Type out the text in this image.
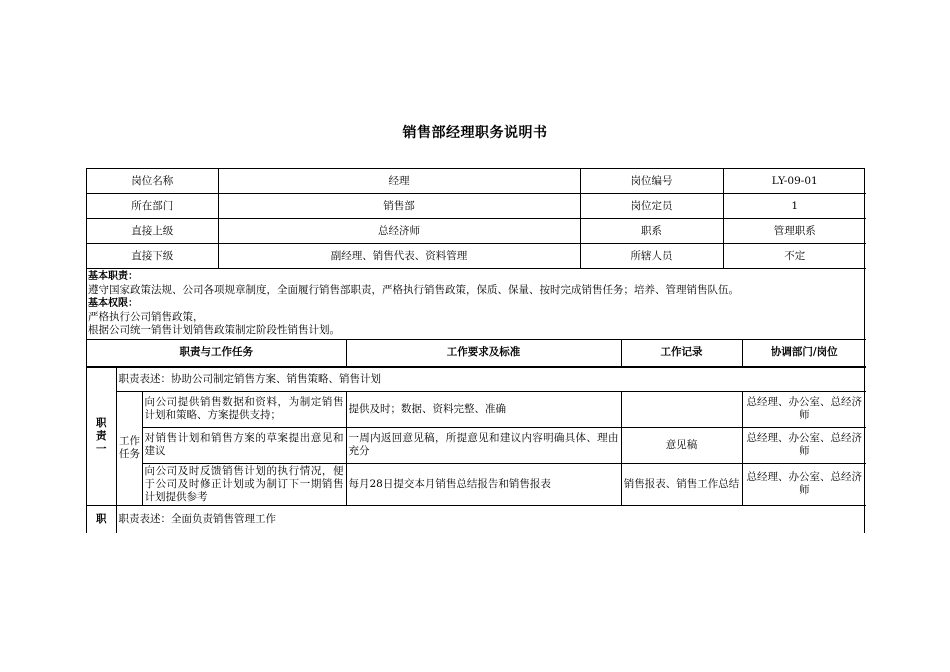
销售部经理职务说明书
岗位名称	经理	岗位编号	LY-09-01
所在部门	销售部	岗位定员	1
直接上级	总经济师	职系	管理职系
直接下级	副经理、销售代表、资料管理	所辖人员	不定
基本职责：
遵守国家政策法规、公司各项规章制度，全面履行销售部职责，严格执行销售政策，保质、保量、按时完成销售任务；培养、管理销售队伍。
基本权限：
严格执行公司销售政策，
根据公司统一销售计划销售政策制定阶段性销售计划。
职责与工作任务	工作要求及标准	工作记录	协调部门/岗位
职责一	职责表述：协助公司制定销售方案、销售策略、销售计划				
	工作任务	向公司提供销售数据和资料，为制定销售计划和策略、方案提供支持；	提供及时；数据、资料完整、准确		总经理、办公室、总经济师
		对销售计划和销售方案的草案提出意见和建议	一周内返回意见稿，所提意见和建议内容明确具体、理由充分	意见稿	总经理、办公室、总经济师
		向公司及时反馈销售计划的执行情况，便于公司及时修正计划或为制订下一期销售计划提供参考	每月28日提交本月销售总结报告和销售报表	销售报表、销售工作总结	总经理、办公室、总经济师
职	职责表述：全面负责销售管理工作
